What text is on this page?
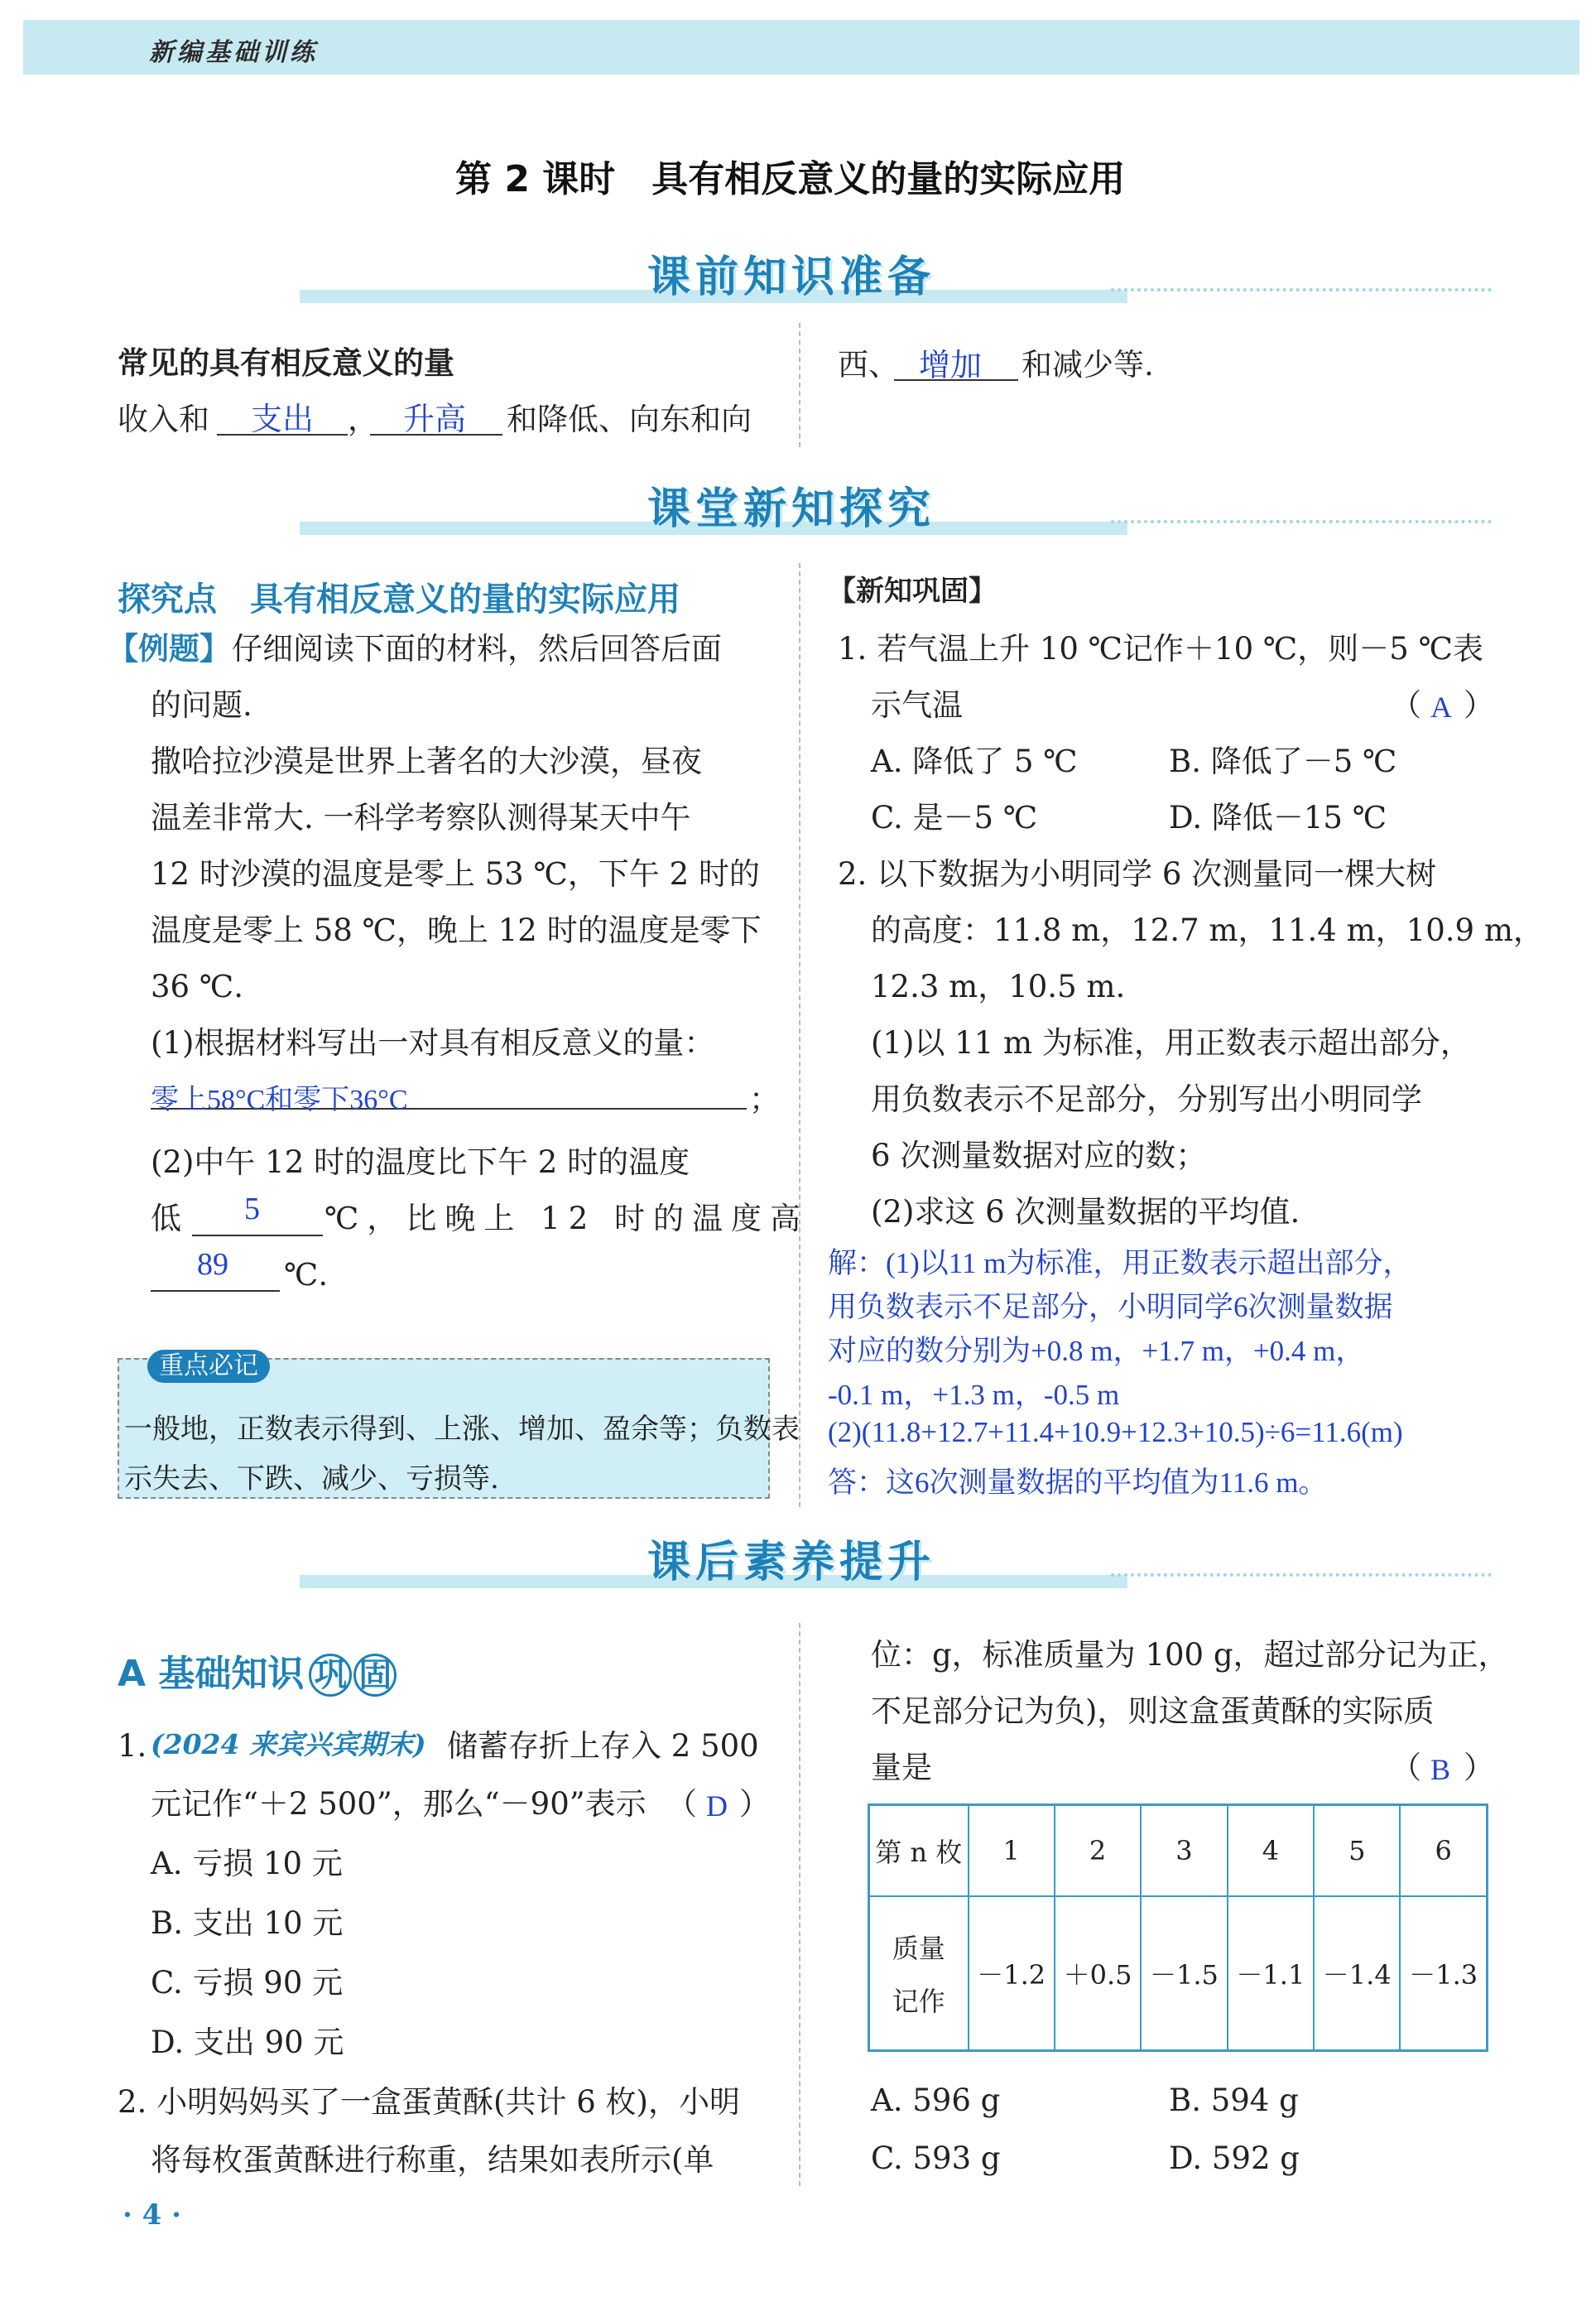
新编基础训练
第 2 课时　具有相反意义的量的实际应用
课前知识准备
常见的具有相反意义的量
收入和 支出 ， 升高 和降低、向东和向
西、 增加 和减少等.
课堂新知探究
探究点　具有相反意义的量的实际应用
【例题】 仔细阅读下面的材料，然后回答后面
的问题.
撒哈拉沙漠是世界上著名的大沙漠，昼夜
温差非常大. 一科学考察队测得某天中午
12 时沙漠的温度是零上 53 ℃，下午 2 时的
温度是零上 58 ℃，晚上 12 时的温度是零下
36 ℃.
(1)根据材料写出一对具有相反意义的量：
零上58°C和零下36°C	；
(2)中午 12 时的温度比下午 2 时的温度
低 5 ℃，比晚上 12 时的温度高
89 ℃.
重点必记
一般地，正数表示得到、上涨、增加、盈余等；负数表
示失去、下跌、减少、亏损等.
【新知巩固】
1. 若气温上升 10 ℃记作＋10 ℃，则－5 ℃表
示气温	（ A ）
A. 降低了 5 ℃	B. 降低了－5 ℃
C. 是－5 ℃	D. 降低－15 ℃
2. 以下数据为小明同学 6 次测量同一棵大树
的高度：11.8 m，12.7 m，11.4 m，10.9 m，
12.3 m，10.5 m.
(1)以 11 m 为标准，用正数表示超出部分，
用负数表示不足部分，分别写出小明同学
6 次测量数据对应的数；
(2)求这 6 次测量数据的平均值.
解：(1)以11 m为标准，用正数表示超出部分，
用负数表示不足部分，小明同学6次测量数据
对应的数分别为+0.8 m，+1.7 m，+0.4 m，
-0.1 m，+1.3 m，-0.5 m
(2)(11.8+12.7+11.4+10.9+12.3+10.5)÷6=11.6(m)
答：这6次测量数据的平均值为11.6 m。
课后素养提升
A 基础知识 巩 固
1. (2024 来宾兴宾期末) 储蓄存折上存入 2 500
元记作“＋2 500”，那么“－90”表示 （ D ）
A. 亏损 10 元
B. 支出 10 元
C. 亏损 90 元
D. 支出 90 元
2. 小明妈妈买了一盒蛋黄酥(共计 6 枚)，小明
将每枚蛋黄酥进行称重，结果如表所示(单
位：g，标准质量为 100 g，超过部分记为正，
不足部分记为负)，则这盒蛋黄酥的实际质
量是	（ B ）
第 n 枚	1	2	3	4	5	6

质量
记作	－1.2	＋0.5	－1.5	－1.1	－1.4	－1.3
A. 596 g	B. 594 g
C. 593 g	D. 592 g
· 4 ·
